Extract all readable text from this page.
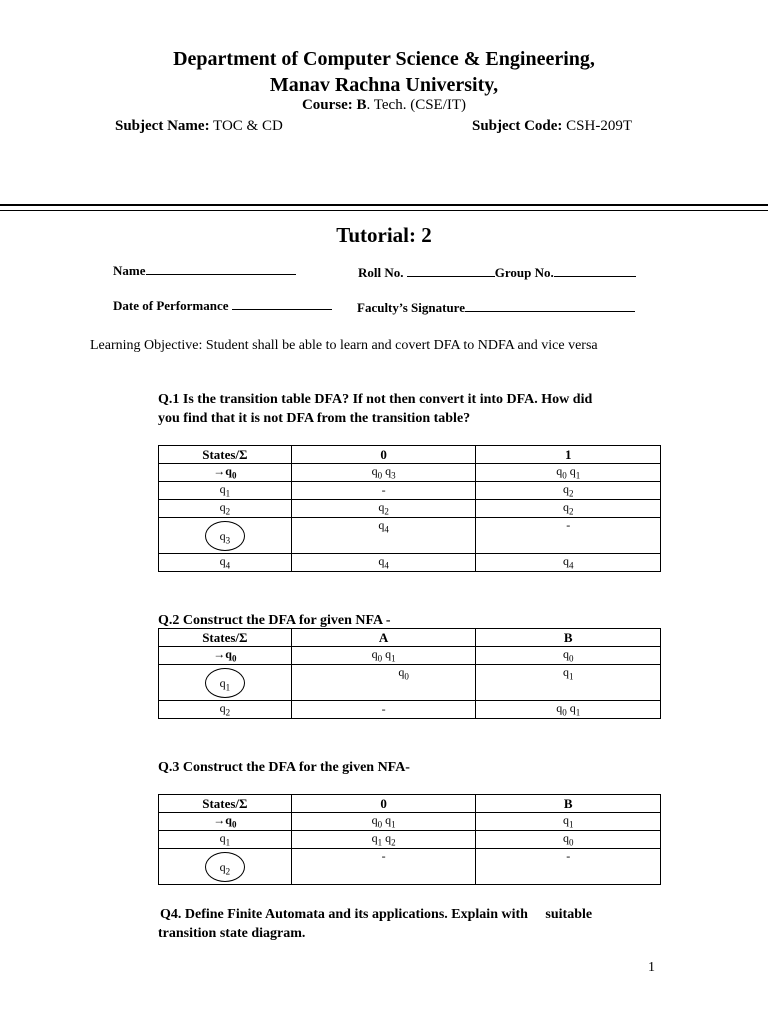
Department of Computer Science & Engineering,
Manav Rachna University,
Course: B. Tech. (CSE/IT)
Subject Name: TOC & CD	Subject Code: CSH-209T
Tutorial: 2
Name	Roll No.	Group No.
Date of Performance	Faculty’s Signature
Learning Objective: Student shall be able to learn and covert DFA to NDFA and vice versa
Q.1 Is the transition table DFA? If not then convert it into DFA. How did
you find that it is not DFA from the transition table?
States/Σ	0	1
$\to q_0$	$q_0$ $q_3$	$q_0$ $q_1$
$q_1$	-	$q_2$
$q_2$	$q_2$	$q_2$
$q_3$	$q_4$	-
$q_4$	$q_4$	$q_4$
Q.2 Construct the DFA for given NFA -
States/Σ	A	B
$\to q_0$	$q_0$ $q_1$	$q_0$
$q_1$	$q_0$	$q_1$
$q_2$	-	$q_0$ $q_1$
Q.3 Construct the DFA for the given NFA-
States/Σ	0	B
$\to q_0$	$q_0$ $q_1$	$q_1$
$q_1$	$q_1$ $q_2$	$q_0$
$q_2$	-	-
Q4. Define Finite Automata and its applications. Explain with     suitable
transition state diagram.
1
